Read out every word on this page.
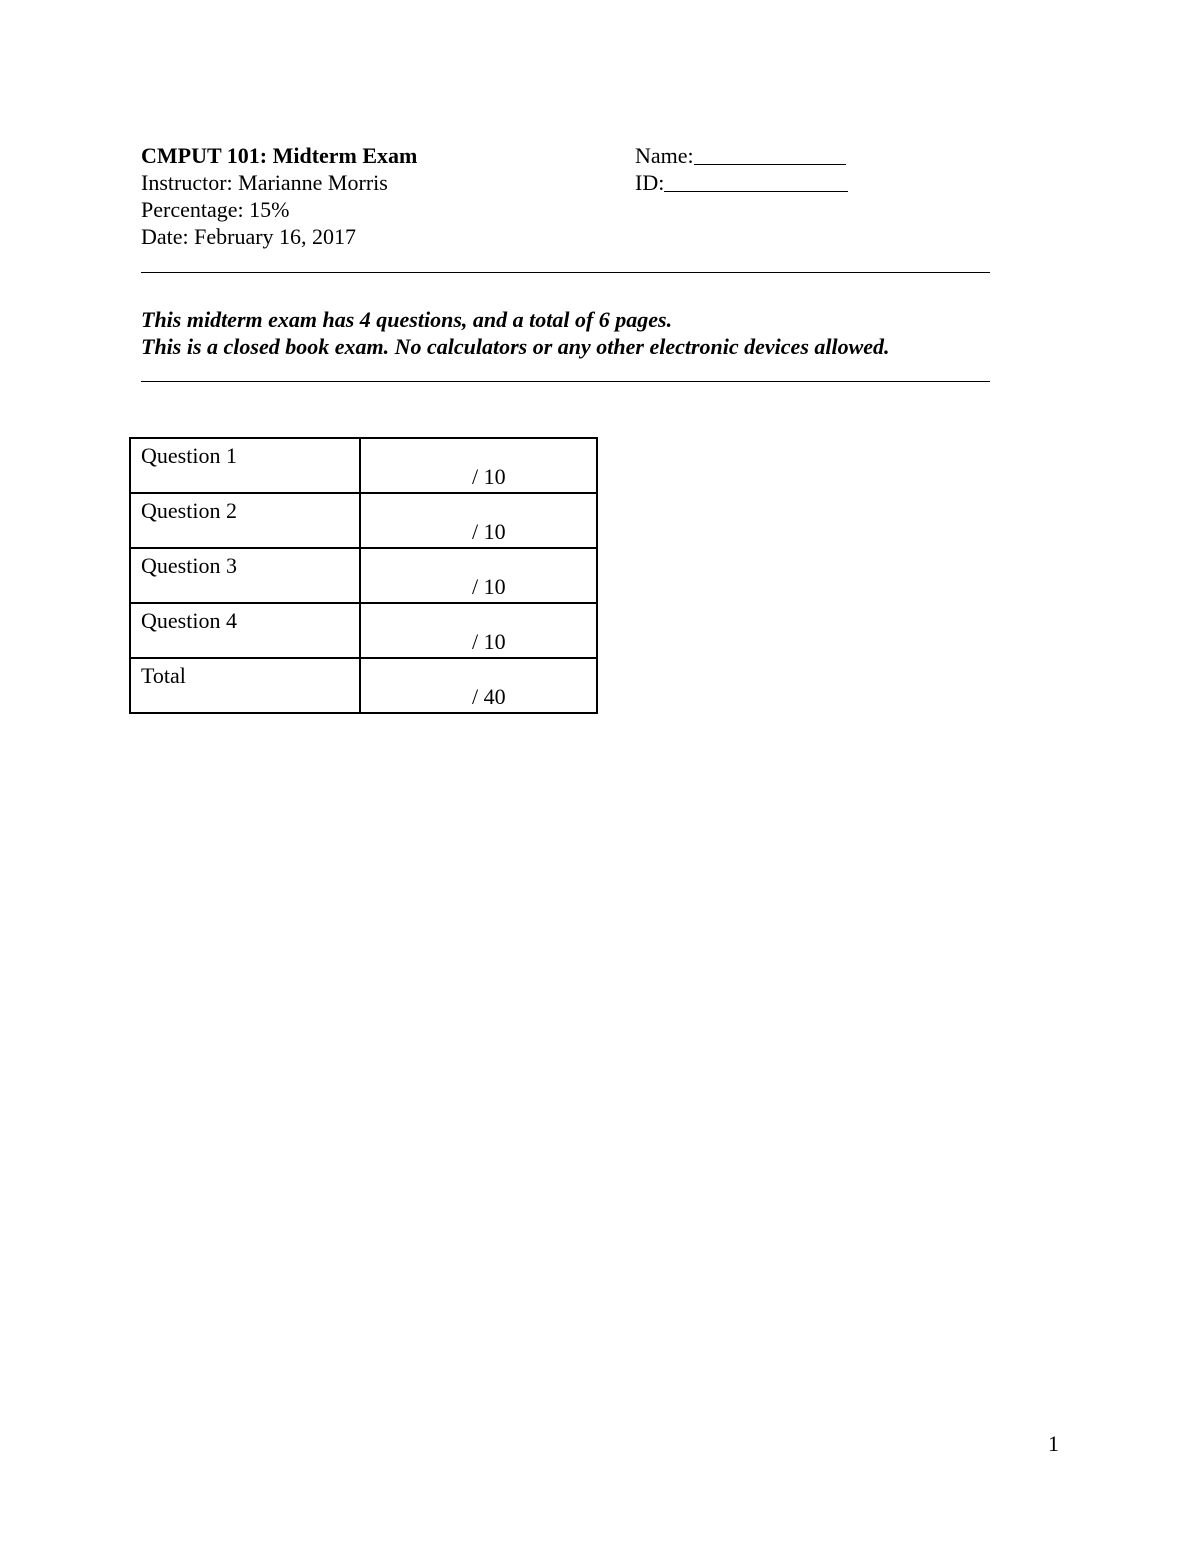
CMPUT 101: Midterm Exam
Instructor: Marianne Morris
Percentage: 15%
Date: February 16, 2017
Name:
ID:
This midterm exam has 4 questions, and a total of 6 pages.
This is a closed book exam. No calculators or any other electronic devices allowed.
Question 1	/ 10

Question 2	/ 10

Question 3	/ 10

Question 4	/ 10

Total	/ 40
1
